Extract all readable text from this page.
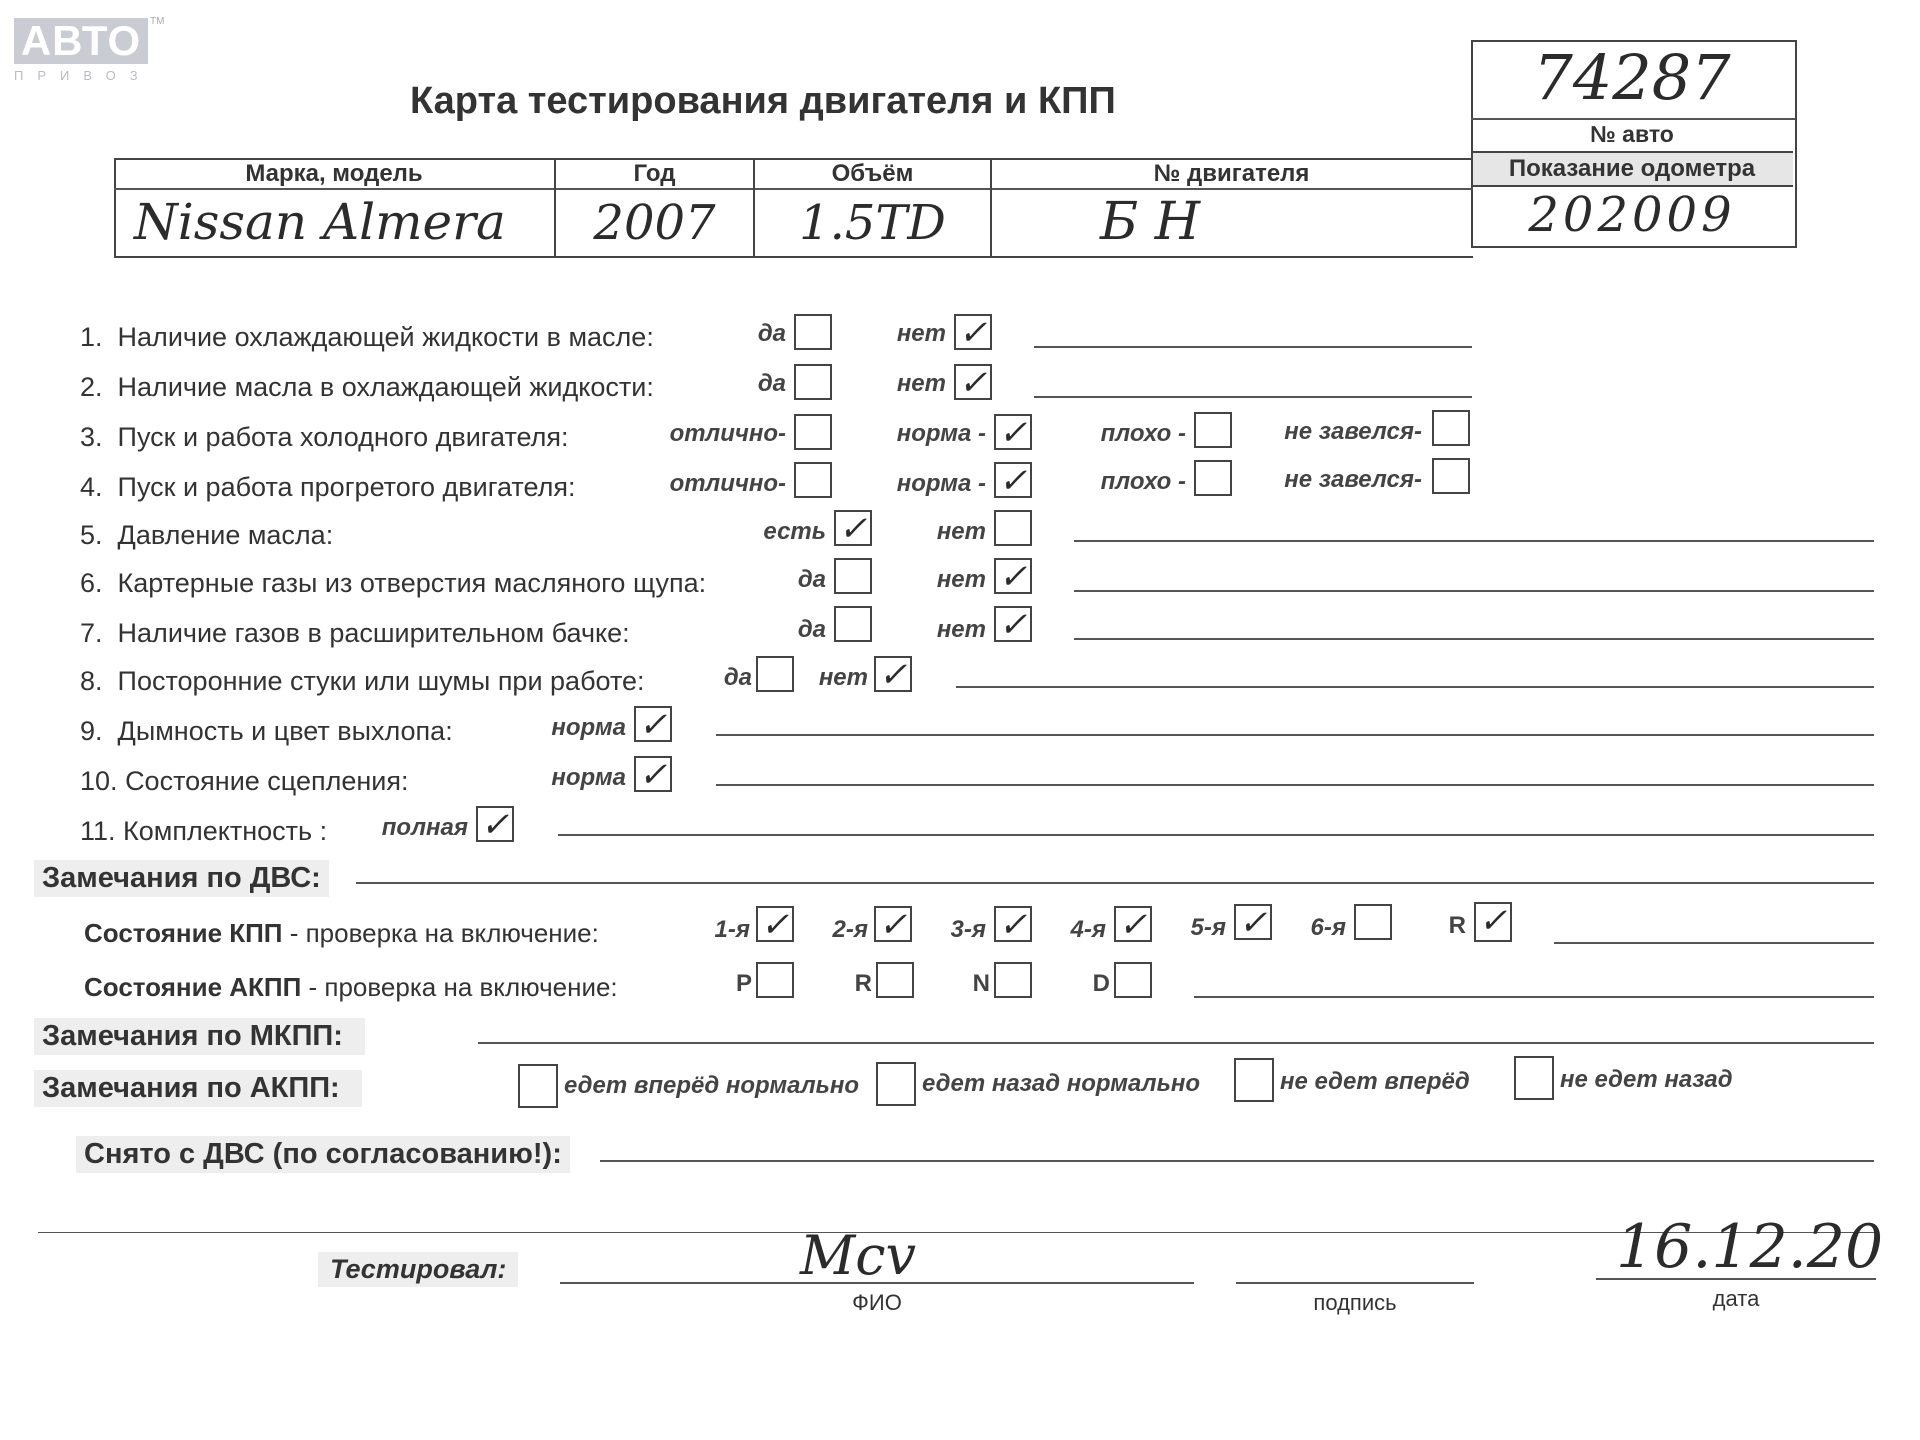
АВТО
ПРИВОЗ
TM
Карта тестирования двигателя и КПП	74287
№ авто
Показание одометра
202009
Марка, модель	Год	Объём	№ двигателя
Nissan Almera	2007	1.5TD	Б Н
1. Наличие охлаждающей жидкости в масле:	да	нет ✓
2. Наличие масла в охлаждающей жидкости:	да	нет ✓
3. Пуск и работа холодного двигателя:	отлично-	норма - ✓	плохо -	не завелся-
4. Пуск и работа прогретого двигателя:	отлично-	норма - ✓	плохо -	не завелся-
5. Давление масла:	есть ✓	нет
6. Картерные газы из отверстия масляного щупа:	да	нет ✓
7. Наличие газов в расширительном бачке:	да	нет ✓
8. Посторонние стуки или шумы при работе:	да	нет ✓
9. Дымность и цвет выхлопа:	норма ✓
10. Состояние сцепления:	норма ✓
11. Комплектность :	полная ✓
Замечания по ДВС:
Состояние КПП - проверка на включение:	1-я ✓	2-я ✓	3-я ✓	4-я ✓	5-я ✓	6-я	R ✓
Состояние АКПП - проверка на включение:	P	R	N	D
Замечания по МКПП:
Замечания по АКПП:	едет вперёд нормально	едет назад нормально	не едет вперёд	не едет назад
Снято с ДВС (по согласованию!):
Тестировал:	Mcv
ФИО	подпись
16.12.20
дата
